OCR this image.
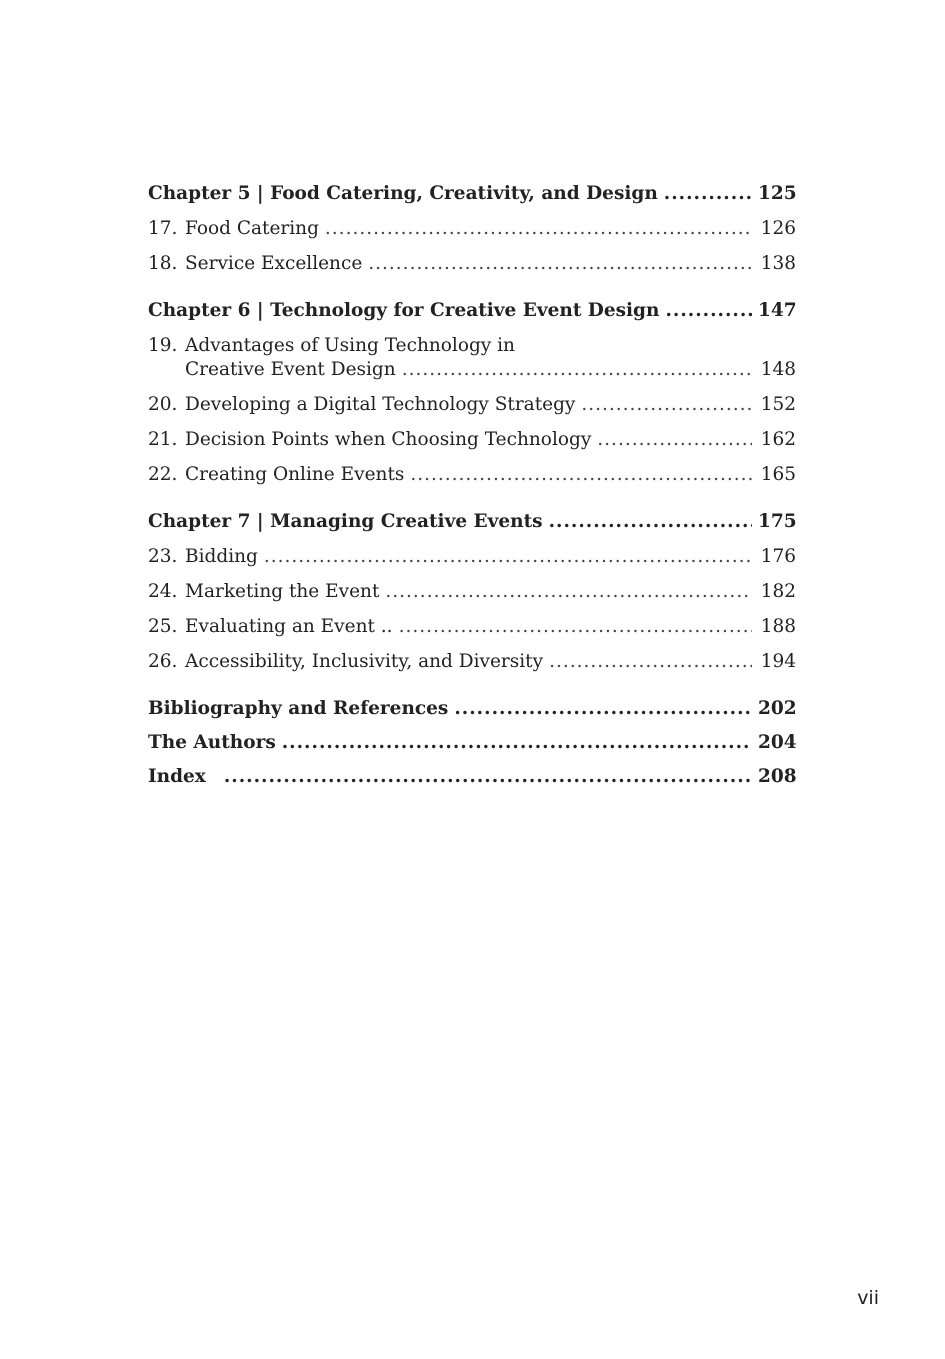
Chapter 5 | Food Catering, Creativity, and Design .....	125
17. Food Catering .....	126
18. Service Excellence .....	138
Chapter 6 | Technology for Creative Event Design .....	147
19. Advantages of Using Technology in
Creative Event Design .....	148
20. Developing a Digital Technology Strategy .....	152
21. Decision Points when Choosing Technology .....	162
22. Creating Online Events .....	165
Chapter 7 | Managing Creative Events .....	175
23. Bidding .....	176
24. Marketing the Event .....	182
25. Evaluating an Event .. .....	188
26. Accessibility, Inclusivity, and Diversity .....	194
Bibliography and References .....	202
The Authors .....	204
Index .....	208
vii
